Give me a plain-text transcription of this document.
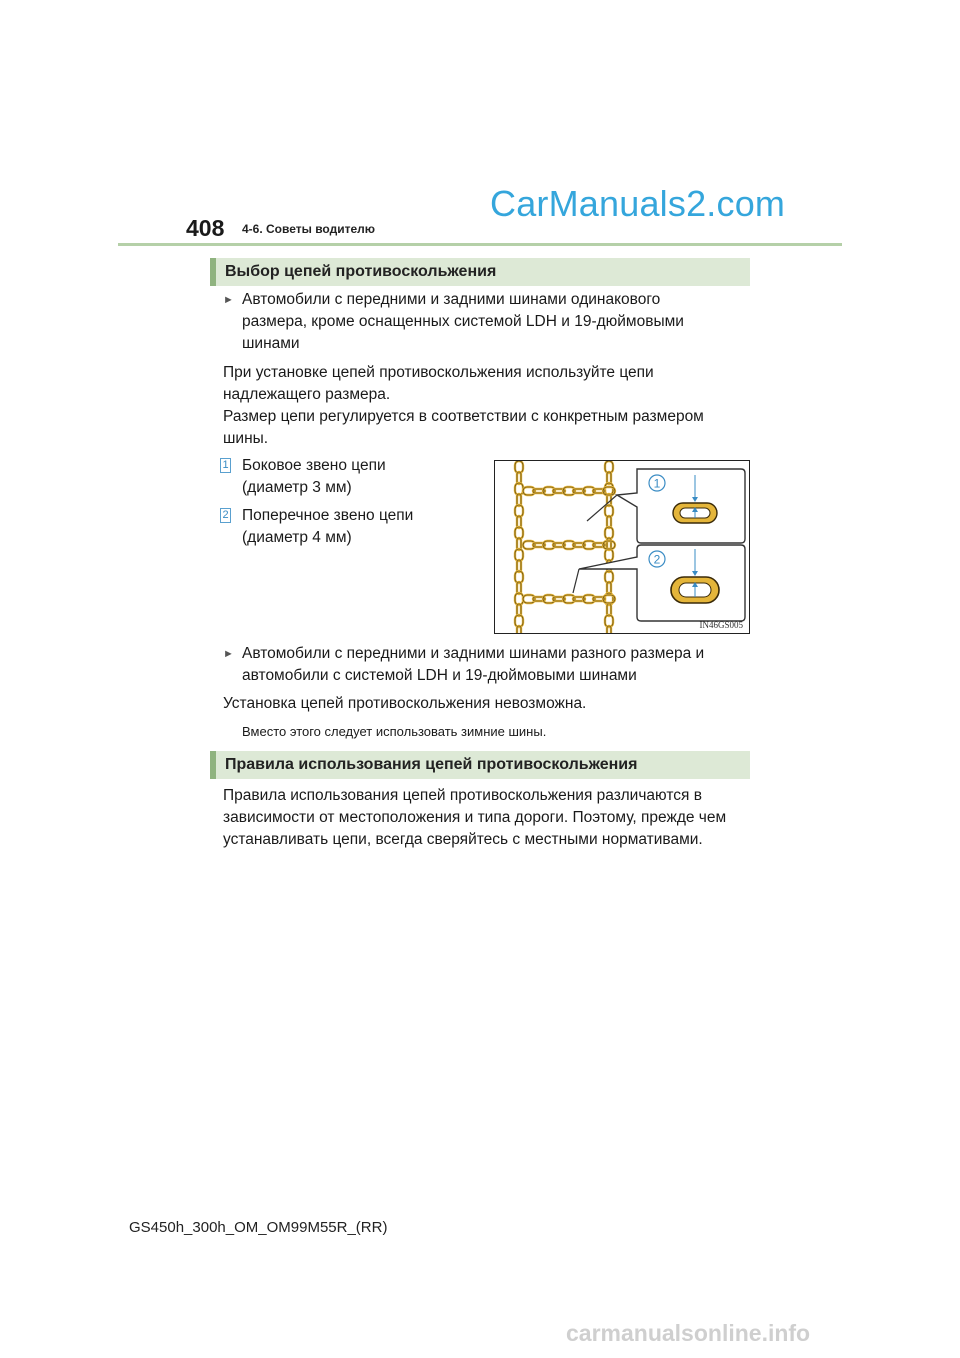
408 4-6. Советы водителю
CarManuals2.com
Выбор цепей противоскольжения
► Автомобили с передними и задними шинами одинакового
размера, кроме оснащенных системой LDH и 19-дюймовыми
шинами
При установке цепей противоскольжения используйте цепи
надлежащего размера.
Размер цепи регулируется в соответствии с конкретным размером
шины.
1 Боковое звено цепи
(диаметр 3 мм)
2 Поперечное звено цепи
(диаметр 4 мм)
1
2
IN46GS005
► Автомобили с передними и задними шинами разного размера и
автомобили с системой LDH и 19-дюймовыми шинами
Установка цепей противоскольжения невозможна.
Вместо этого следует использовать зимние шины.
Правила использования цепей противоскольжения
Правила использования цепей противоскольжения различаются в
зависимости от местоположения и типа дороги. Поэтому, прежде чем
устанавливать цепи, всегда сверяйтесь с местными нормативами.
GS450h_300h_OM_OM99M55R_(RR)
carmanualsonline.info
